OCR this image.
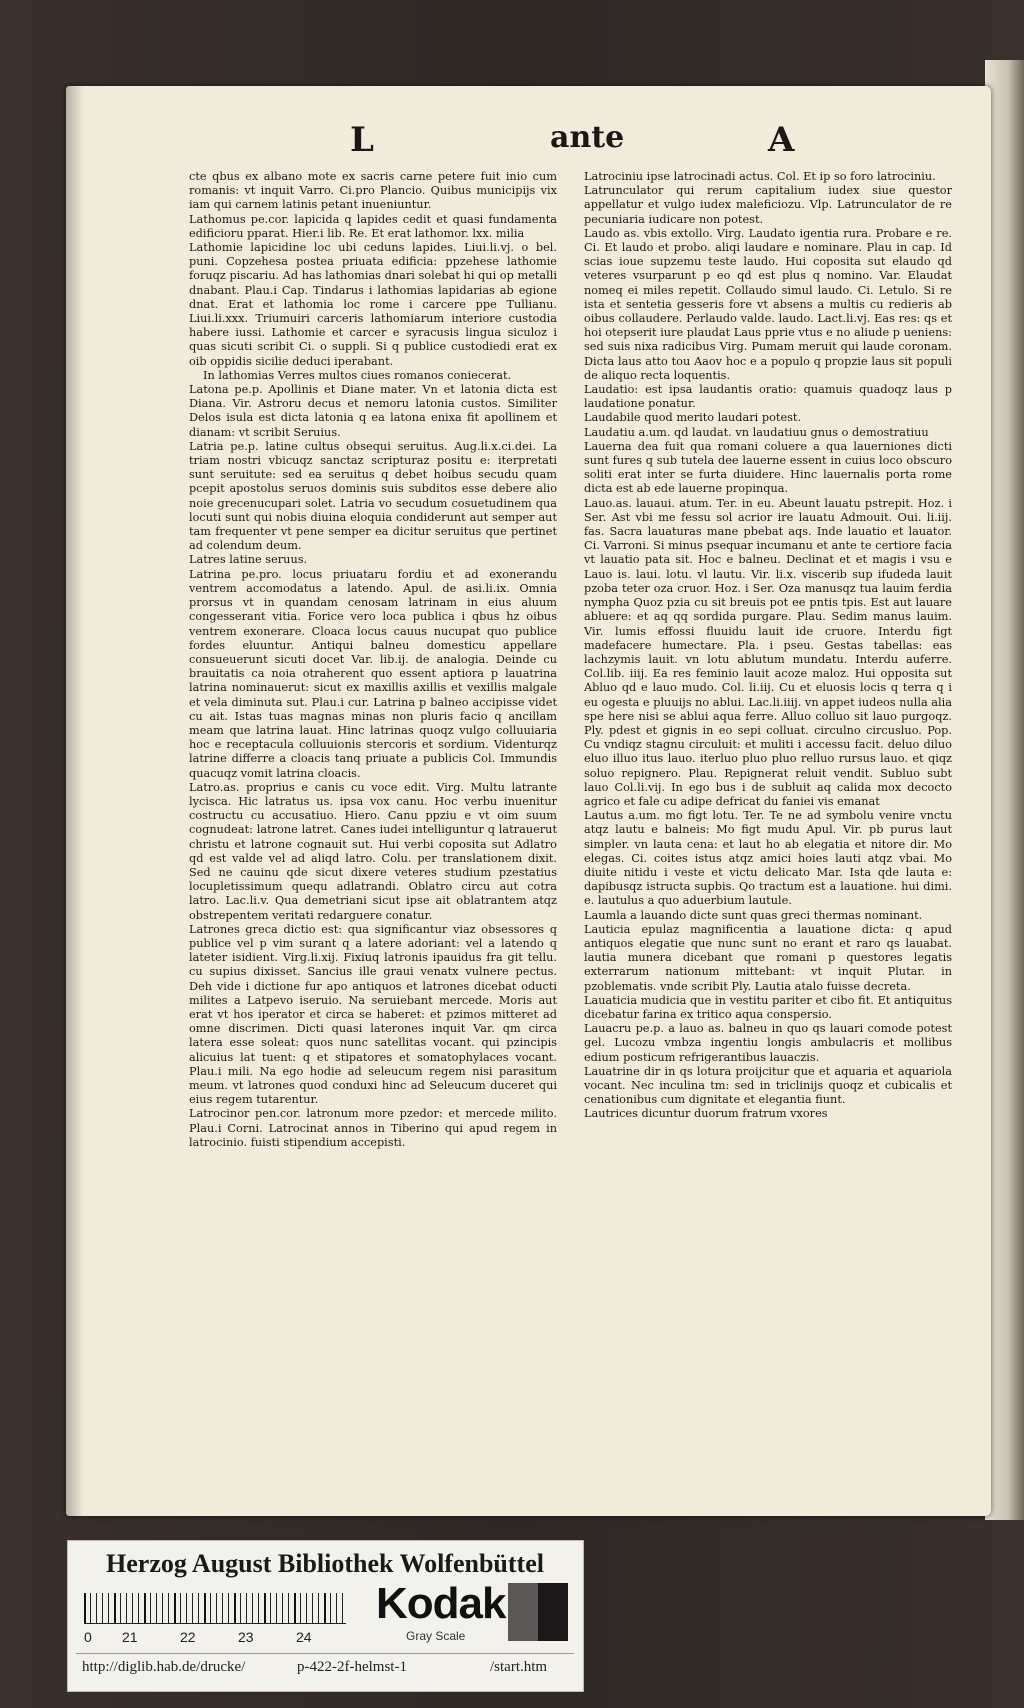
L	ante	A

cte qbus ex albano mote ex sacris carne petere fuit inio cum romanis: vt inquit Varro. Ci.pro Plancio. Quibus municipijs vix iam qui carnem latinis petant inueniuntur.

Lathomus pe.cor. lapicida q lapides cedit et quasi fundamenta edificioru pparat. Hier.i lib. Re. Et erat lathomor. lxx. milia

Lathomie lapicidine loc ubi ceduns lapides. Liui.li.vj. o bel. puni. Copzehesa postea priuata edificia: ppzehese lathomie foruqz piscariu. Ad has lathomias dnari solebat hi qui op metalli dnabant. Plau.i Cap. Tindarus i lathomias lapidarias ab egione dnat. Erat et lathomia loc rome i carcere ppe Tullianu. Liui.li.xxx. Triumuiri carceris lathomiarum interiore custodia habere iussi. Lathomie et carcer e syracusis lingua siculoz i quas sicuti scribit Ci. o suppli. Si q publice custodiedi erat ex oib oppidis sicilie deduci iperabant.

In lathomias Verres multos ciues romanos coniecerat.

Latona pe.p. Apollinis et Diane mater. Vn et latonia dicta est Diana. Vir. Astroru decus et nemoru latonia custos. Similiter Delos isula est dicta latonia q ea latona enixa fit apollinem et dianam: vt scribit Seruius.

Latria pe.p. latine cultus obsequi seruitus. Aug.li.x.ci.dei. La triam nostri vbicuqz sanctaz scripturaz positu e: iterpretati sunt seruitute: sed ea seruitus q debet hoibus secudu quam pcepit apostolus seruos dominis suis subditos esse debere alio noie grecenucupari solet. Latria vo secudum cosuetudinem qua locuti sunt qui nobis diuina eloquia condiderunt aut semper aut tam frequenter vt pene semper ea dicitur seruitus que pertinet ad colendum deum.

Latres latine seruus.

Latrina pe.pro. locus priuataru fordiu et ad exonerandu ventrem accomodatus a latendo. Apul. de asi.li.ix. Omnia prorsus vt in quandam cenosam latrinam in eius aluum congesserant vitia. Forice vero loca publica i qbus hz oibus ventrem exonerare. Cloaca locus cauus nucupat quo publice fordes eluuntur. Antiqui balneu domesticu appellare consueuerunt sicuti docet Var. lib.ij. de analogia. Deinde cu brauitatis ca noia otraherent quo essent aptiora p lauatrina latrina nominauerut: sicut ex maxillis axillis et vexillis malgale et vela diminuta sut. Plau.i cur. Latrina p balneo accipisse videt cu ait. Istas tuas magnas minas non pluris facio q ancillam meam que latrina lauat. Hinc latrinas quoqz vulgo colluuiaria hoc e receptacula colluuionis stercoris et sordium. Videnturqz latrine differre a cloacis tanq priuate a publicis Col. Immundis quacuqz vomit latrina cloacis.

Latro.as. proprius e canis cu voce edit. Virg. Multu latrante lycisca. Hic latratus us. ipsa vox canu. Hoc verbu inuenitur costructu cu accusatiuo. Hiero. Canu ppziu e vt oim suum cognudeat: latrone latret. Canes iudei intelliguntur q latrauerut christu et latrone cognauit sut. Hui verbi coposita sut Adlatro qd est valde vel ad aliqd latro. Colu. per translationem dixit. Sed ne cauinu qde sicut dixere veteres studium pzestatius locupletissimum quequ adlatrandi. Oblatro circu aut cotra latro. Lac.li.v. Qua demetriani sicut ipse ait oblatrantem atqz obstrepentem veritati redarguere conatur.

Latrones greca dictio est: qua significantur viaz obsessores q publice vel p vim surant q a latere adoriant: vel a latendo q lateter isidient. Virg.li.xij. Fixiuq latronis ipauidus fra git tellu. cu supius dixisset. Sancius ille graui venatx vulnere pectus. Deh vide i dictione fur apo antiquos et latrones dicebat oducti milites a Latpevo iseruio. Na seruiebant mercede. Moris aut erat vt hos iperator et circa se haberet: et pzimos mitteret ad omne discrimen. Dicti quasi laterones inquit Var. qm circa latera esse soleat: quos nunc satellitas vocant. qui pzincipis alicuius lat tuent: q et stipatores et somatophylaces vocant. Plau.i mili. Na ego hodie ad seleucum regem nisi parasitum meum. vt latrones quod conduxi hinc ad Seleucum duceret qui eius regem tutarentur.

Latrocinor pen.cor. latronum more pzedor: et mercede milito. Plau.i Corni. Latrocinat annos in Tiberino qui apud regem in latrocinio. fuisti stipendium accepisti.

Latrociniu ipse latrocinadi actus. Col. Et ip so foro latrociniu.

Latrunculator qui rerum capitalium iudex siue questor appellatur et vulgo iudex maleficiozu. Vlp. Latrunculator de re pecuniaria iudicare non potest.

Laudo as. vbis extollo. Virg. Laudato igentia rura. Probare e re. Ci. Et laudo et probo. aliqi laudare e nominare. Plau in cap. Id scias ioue supzemu teste laudo. Hui coposita sut elaudo qd veteres vsurparunt p eo qd est plus q nomino. Var. Elaudat nomeq ei miles repetit. Collaudo simul laudo. Ci. Letulo. Si re ista et sentetia gesseris fore vt absens a multis cu redieris ab oibus collaudere. Perlaudo valde. laudo. Lact.li.vj. Eas res: qs et hoi otepserit iure plaudat Laus pprie vtus e no aliude p ueniens: sed suis nixa radicibus Virg. Pumam meruit qui laude coronam. Dicta laus atto tou Aaov hoc e a populo q propzie laus sit populi de aliquo recta loquentis.

Laudatio: est ipsa laudantis oratio: quamuis quadoqz laus p laudatione ponatur.

Laudabile quod merito laudari potest.

Laudatiu a.um. qd laudat. vn laudatiuu gnus o demostratiuu

Lauerna dea fuit qua romani coluere a qua lauerniones dicti sunt fures q sub tutela dee lauerne essent in cuius loco obscuro soliti erat inter se furta diuidere. Hinc lauernalis porta rome dicta est ab ede lauerne propinqua.

Lauo.as. lauaui. atum. Ter. in eu. Abeunt lauatu pstrepit. Hoz. i Ser. Ast vbi me fessu sol acrior ire lauatu Admouit. Oui. li.iij. fas. Sacra lauaturas mane pbebat aqs. Inde lauatio et lauator. Ci. Varroni. Si minus psequar incumanu et ante te certiore facia vt lauatio pata sit. Hoc e balneu. Declinat et et magis i vsu e Lauo is. laui. lotu. vl lautu. Vir. li.x. viscerib sup ifudeda lauit pzoba teter oza cruor. Hoz. i Ser. Oza manusqz tua lauim ferdia nympha Quoz pzia cu sit breuis pot ee pntis tpis. Est aut lauare abluere: et aq qq sordida purgare. Plau. Sedim manus lauim. Vir. lumis effossi fluuidu lauit ide cruore. Interdu figt madefacere humectare. Pla. i pseu. Gestas tabellas: eas lachzymis lauit. vn lotu ablutum mundatu. Interdu auferre. Col.lib. iiij. Ea res feminio lauit acoze maloz. Hui opposita sut Abluo qd e lauo mudo. Col. li.iij. Cu et eluosis locis q terra q i eu ogesta e pluuijs no ablui. Lac.li.iiij. vn appet iudeos nulla alia spe here nisi se ablui aqua ferre. Alluo colluo sit lauo purgoqz. Ply. pdest et gignis in eo sepi colluat. circulno circusluo. Pop. Cu vndiqz stagnu circuluit: et muliti i accessu facit. deluo diluo eluo illuo itus lauo. iterluo pluo pluo relluo rursus lauo. et qiqz soluo repignero. Plau. Repignerat reluit vendit. Subluo subt lauo Col.li.vij. In ego bus i de subluit aq calida mox decocto agrico et fale cu adipe defricat du faniei vis emanat

Lautus a.um. mo figt lotu. Ter. Te ne ad symbolu venire vnctu atqz lautu e balneis: Mo figt mudu Apul. Vir. pb purus laut simpler. vn lauta cena: et laut ho ab elegatia et nitore dir. Mo elegas. Ci. coites istus atqz amici hoies lauti atqz vbai. Mo diuite nitidu i veste et victu delicato Mar. Ista qde lauta e: dapibusqz istructa supbis. Qo tractum est a lauatione. hui dimi. e. lautulus a quo aduerbium lautule.

Laumla a lauando dicte sunt quas greci thermas nominant.

Lauticia epulaz magnificentia a lauatione dicta: q apud antiquos elegatie que nunc sunt no erant et raro qs lauabat. lautia munera dicebant que romani p questores legatis exterrarum nationum mittebant: vt inquit Plutar. in pzoblematis. vnde scribit Ply. Lautia atalo fuisse decreta.

Lauaticia mudicia que in vestitu pariter et cibo fit. Et antiquitus dicebatur farina ex tritico aqua conspersio.

Lauacru pe.p. a lauo as. balneu in quo qs lauari comode potest gel. Lucozu vmbza ingentiu longis ambulacris et mollibus edium posticum refrigerantibus lauaczis.

Lauatrine dir in qs lotura proijcitur que et aquaria et aquariola vocant. Nec inculina tm: sed in triclinijs quoqz et cubicalis et cenationibus cum dignitate et elegantia fiunt.

Lautrices dicuntur duorum fratrum vxores

Herzog August Bibliothek Wolfenbüttel
0 21	22	23	24
Kodak
Gray Scale
http://diglib.hab.de/drucke/	p-422-2f-helmst-1	/start.htm
